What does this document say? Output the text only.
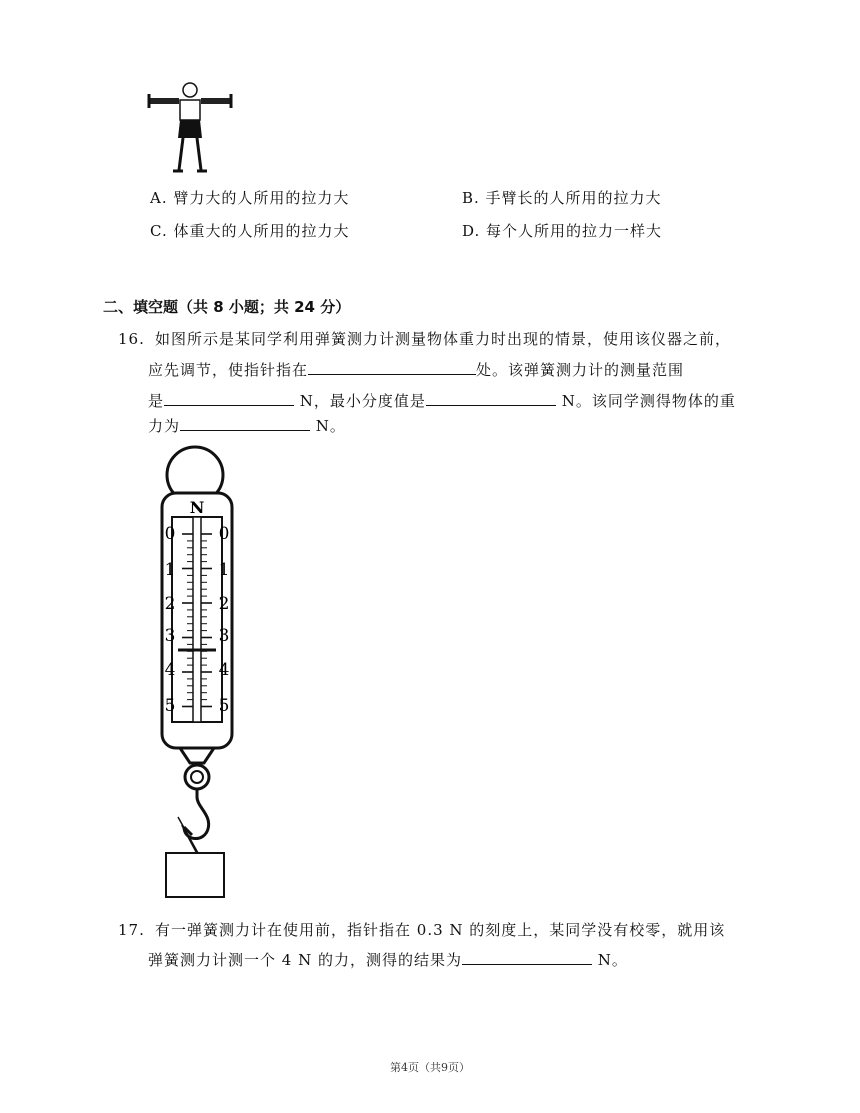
A. 臂力大的人所用的拉力大	B. 手臂长的人所用的拉力大
C. 体重大的人所用的拉力大	D. 每个人所用的拉力一样大
二、填空题（共 8 小题；共 24 分）
16. 如图所示是某同学利用弹簧测力计测量物体重力时出现的情景，使用该仪器之前，
应先调节，使指针指在	处。该弹簧测力计的测量范围
是	N，最小分度值是	N。该同学测得物体的重
力为	N。
N
0
1
2
3
4
5
0
1
2
3
4
5
17. 有一弹簧测力计在使用前，指针指在 0.3 N 的刻度上，某同学没有校零，就用该
弹簧测力计测一个 4 N 的力，测得的结果为	N。
第4页（共9页）
